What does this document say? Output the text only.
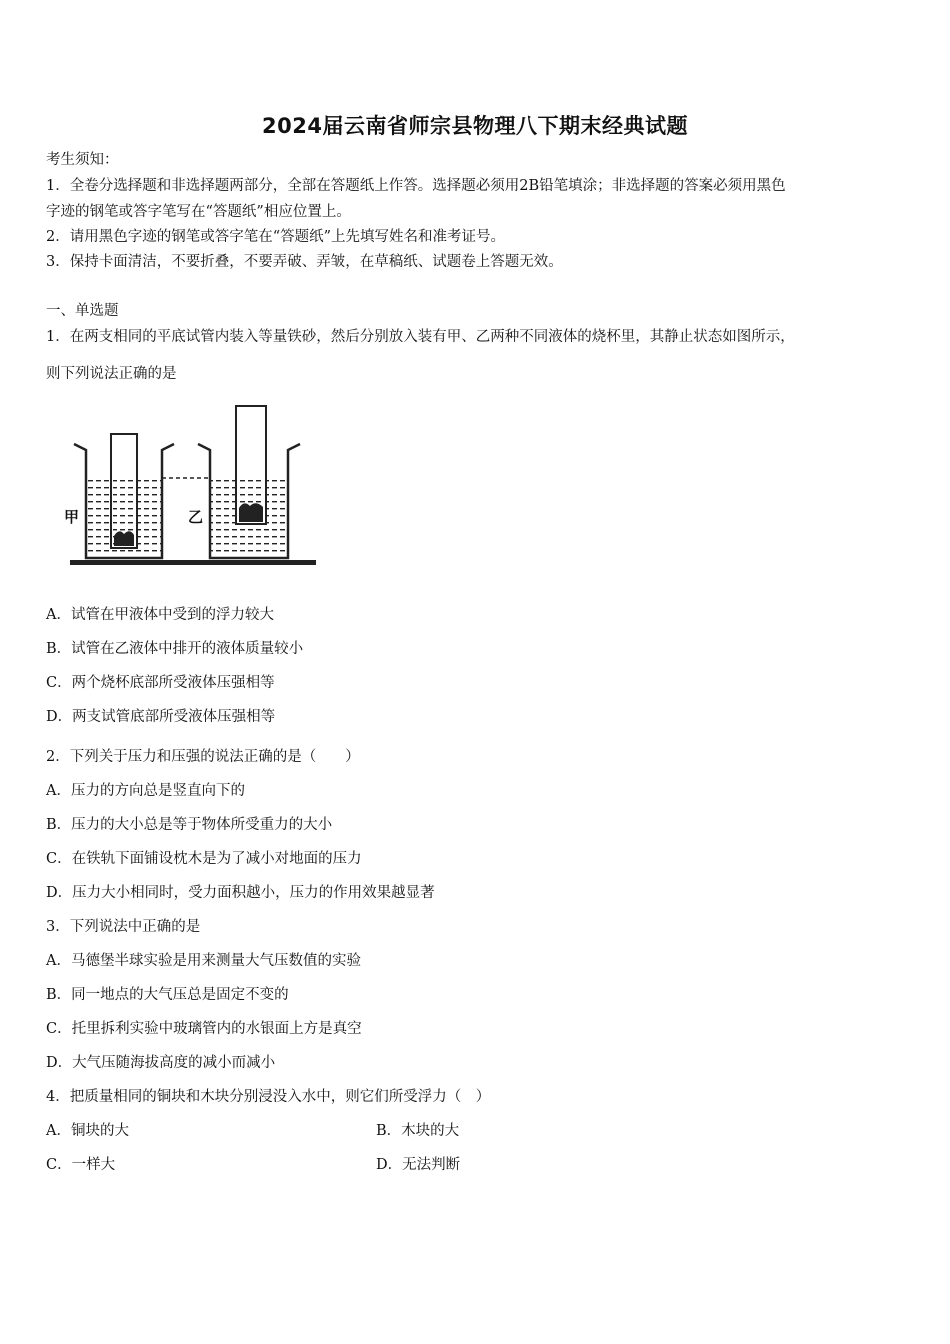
2024届云南省师宗县物理八下期末经典试题
考生须知：
1．全卷分选择题和非选择题两部分，全部在答题纸上作答。选择题必须用2B铅笔填涂；非选择题的答案必须用黑色
字迹的钢笔或答字笔写在“答题纸”相应位置上。
2．请用黑色字迹的钢笔或答字笔在“答题纸”上先填写姓名和准考证号。
3．保持卡面清洁，不要折叠，不要弄破、弄皱，在草稿纸、试题卷上答题无效。
一、单选题
1．在两支相同的平底试管内装入等量铁砂，然后分别放入装有甲、乙两种不同液体的烧杯里，其静止状态如图所示，
则下列说法正确的是
甲	乙
A．试管在甲液体中受到的浮力较大
B．试管在乙液体中排开的液体质量较小
C．两个烧杯底部所受液体压强相等
D．两支试管底部所受液体压强相等
2．下列关于压力和压强的说法正确的是（　　）
A．压力的方向总是竖直向下的
B．压力的大小总是等于物体所受重力的大小
C．在铁轨下面铺设枕木是为了减小对地面的压力
D．压力大小相同时，受力面积越小，压力的作用效果越显著
3．下列说法中正确的是
A．马德堡半球实验是用来测量大气压数值的实验
B．同一地点的大气压总是固定不变的
C．托里拆利实验中玻璃管内的水银面上方是真空
D．大气压随海拔高度的减小而减小
4．把质量相同的铜块和木块分别浸没入水中，则它们所受浮力（　）
A．铜块的大	B．木块的大
C．一样大	D．无法判断
